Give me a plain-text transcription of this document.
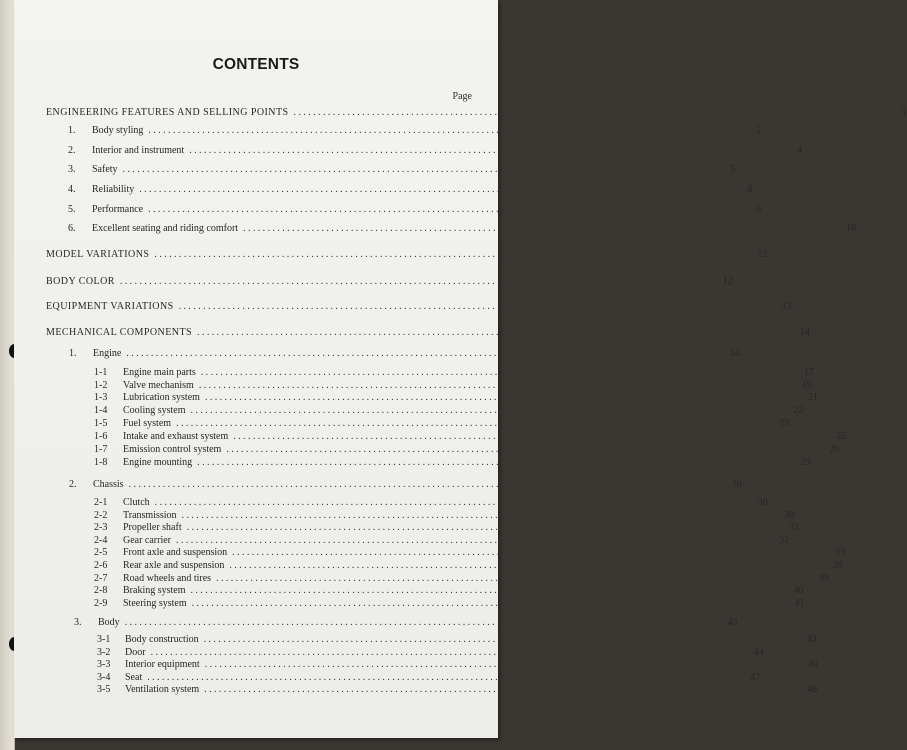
CONTENTS
Page
ENGINEERING FEATURES AND SELLING POINTS ........................................................................................................................	1
1.	Body styling ........................................................................................................................	2
2.	Interior and instrument ........................................................................................................................	4
3.	Safety ........................................................................................................................	5
4.	Reliability ........................................................................................................................	8
5.	Performance ........................................................................................................................	9
6.	Excellent seating and riding comfort ........................................................................................................................	10
MODEL VARIATIONS ........................................................................................................................	12
BODY COLOR ........................................................................................................................	12
EQUIPMENT VARIATIONS ........................................................................................................................	13
MECHANICAL COMPONENTS ........................................................................................................................	14
1.	Engine ........................................................................................................................	14
1-1	Engine main parts ........................................................................................................................	17
1-2	Valve mechanism ........................................................................................................................	19
1-3	Lubrication system ........................................................................................................................	21
1-4	Cooling system ........................................................................................................................	22
1-5	Fuel system ........................................................................................................................	23
1-6	Intake and exhaust system ........................................................................................................................	25
1-7	Emission control system ........................................................................................................................	26
1-8	Engine mounting ........................................................................................................................	29
2.	Chassis ........................................................................................................................	30
2-1	Clutch ........................................................................................................................	30
2-2	Transmission ........................................................................................................................	30
2-3	Propeller shaft ........................................................................................................................	31
2-4	Gear carrier ........................................................................................................................	32
2-5	Front axle and suspension ........................................................................................................................	33
2-6	Rear axle and suspension ........................................................................................................................	36
2-7	Road wheels and tires ........................................................................................................................	39
2-8	Braking system ........................................................................................................................	40
2-9	Steering system ........................................................................................................................	41
3.	Body ........................................................................................................................	43
3-1	Body construction ........................................................................................................................	43
3-2	Door ........................................................................................................................	44
3-3	Interior equipment ........................................................................................................................	46
3-4	Seat ........................................................................................................................	47
3-5	Ventilation system ........................................................................................................................	48
